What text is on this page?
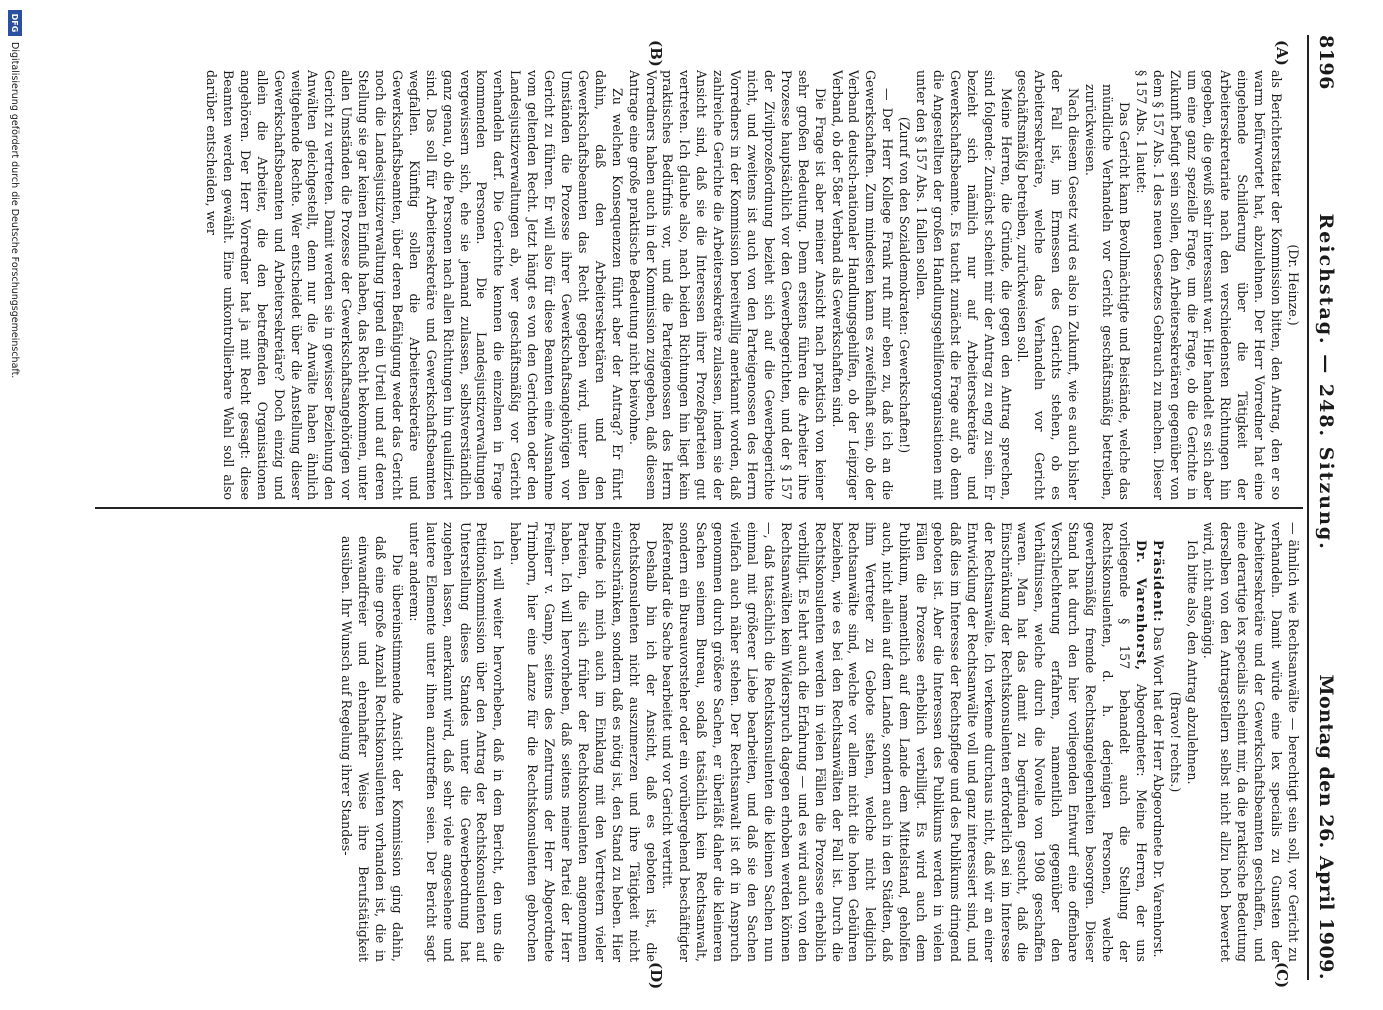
8196
Reichstag. — 248. Sitzung.
Montag den 26. April 1909.
(A)
(B)
(C)
(D)

(Dr. Heinze.)

als Berichterstatter der Kommission bitten, den Antrag, den er so warm befürwortet hat, abzulehnen. Der Herr Vorredner hat eine eingehende Schilderung über die Tätigkeit der Arbeitersekretariate nach den verschiedensten Richtungen hin gegeben, die gewiß sehr interessant war. Hier handelt es sich aber um eine ganz spezielle Frage, um die Frage, ob die Gerichte in Zukunft befugt sein sollen, den Arbeitersekretären gegenüber von dem § 157 Abs. 1 des neuen Gesetzes Gebrauch zu machen. Dieser § 157 Abs. 1 lautet:

Das Gericht kann Bevollmächtigte und Beistände, welche das mündliche Verhandeln vor Gericht geschäftsmäßig betreiben, zurückweisen.

Nach diesem Gesetz wird es also in Zukunft, wie es auch bisher der Fall ist, im Ermessen des Gerichts stehen, ob es Arbeitersekretäre, welche das Verhandeln vor Gericht geschäftsmäßig betreiben, zurückweisen soll.

Meine Herren, die Gründe, die gegen den Antrag sprechen, sind folgende: Zunächst scheint mir der Antrag zu eng zu sein. Er bezieht sich nämlich nur auf Arbeitersekretäre und Gewerkschaftsbeamte. Es taucht zunächst die Frage auf, ob denn die Angestellten der großen Handlungsgehilfenorganisationen mit unter den § 157 Abs. 1 fallen sollen.

(Zuruf von den Sozialdemokraten: Gewerkschaften!)

— Der Herr Kollege Frank ruft mir eben zu, daß ich an die Gewerkschaften. Zum mindesten kann es zweifelhaft sein, ob der Verband deutsch-nationaler Handlungsgehilfen, ob der Leipziger Verband, ob der 58er Verband als Gewerkschaften sind.

Die Frage ist aber meiner Ansicht nach praktisch von keiner sehr großen Bedeutung. Denn erstens führen die Arbeiter ihre Prozesse hauptsächlich vor den Gewerbegerichten, und der § 157 der Zivilprozeßordnung bezieht sich auf die Gewerbegerichte nicht, und zweitens ist auch von den Parteigenossen des Herrn Vorredners in der Kommission bereitwillig anerkannt worden, daß zahlreiche Gerichte die Arbeitersekretäre zulassen, indem sie der Ansicht sind, daß sie die Interessen ihrer Prozeßparteien gut vertreten. Ich glaube also, nach beiden Richtungen hin liegt kein praktisches Bedürfnis vor, und die Parteigenossen des Herrn Vorredners haben auch in der Kommission zugegeben, daß diesem Antrage eine große praktische Bedeutung nicht beiwohne.

Zu welchen Konsequenzen führt aber der Antrag? Er führt dahin, daß den Arbeitersekretären und den Gewerkschaftsbeamten das Recht gegeben wird, unter allen Umständen die Prozesse ihrer Gewerkschaftsangehörigen vor Gericht zu führen. Er will also für diese Beamten eine Ausnahme vom geltenden Recht. Jetzt hängt es von den Gerichten oder den Landesjustizverwaltungen ab, wer geschäftsmäßig vor Gericht verhandeln darf. Die Gerichte kennen die einzelnen in Frage kommenden Personen. Die Landesjustizverwaltungen vergewissern sich, ehe sie jemand zulassen, selbstverständlich ganz genau, ob die Personen nach allen Richtungen hin qualifiziert sind. Das soll für Arbeitersekretäre und Gewerkschaftsbeamten wegfallen. Künftig sollen die Arbeitersekretäre und Gewerkschaftsbeamten, über deren Befähigung weder das Gericht noch die Landesjustizverwaltung irgend ein Urteil und auf deren Stellung sie gar keinen Einfluß haben, das Recht bekommen, unter allen Umständen die Prozesse der Gewerkschaftsangehörigen vor Gericht zu vertreten. Damit werden sie in gewisser Beziehung den Anwälten gleichgestellt, denn nur die Anwälte haben ähnlich weitgehende Rechte. Wer entscheidet über die Anstellung dieser Gewerkschaftsbeamten und Arbeitersekretäre? Doch einzig und allein die Arbeiter, die den betreffenden Organisationen angehören. Der Herr Vorredner hat ja mit Recht gesagt: diese Beamten werden gewählt. Eine unkontrollierbare Wahl soll also darüber entscheiden, wer

— ähnlich wie Rechtsanwälte — berechtigt sein soll, vor Gericht zu verhandeln. Damit würde eine lex specialis zu Gunsten der Arbeitersekretäre und der Gewerkschaftsbeamten geschaffen, und eine derartige lex specialis scheint mir, da die praktische Bedeutung derselben von den Antragstellern selbst nicht allzu hoch bewertet wird, nicht angängig.

Ich bitte also, den Antrag abzulehnen.

(Bravo! rechts.)

Präsident: Das Wort hat der Herr Abgeordnete Dr. Varenhorst.

Dr. Varenhorst, Abgeordneter: Meine Herren, der uns vorliegende § 157 behandelt auch die Stellung der Rechtskonsulenten, d. h. derjenigen Personen, welche gewerbsmäßig fremde Rechtsangelegenheiten besorgen. Dieser Stand hat durch den hier vorliegenden Entwurf eine offenbare Verschlechterung erfahren, namentlich gegenüber den Verhältnissen, welche durch die Novelle von 1908 geschaffen waren. Man hat das damit zu begründen gesucht, daß die Einschränkung der Rechtskonsulenten erforderlich sei im Interesse der Rechtsanwälte. Ich verkenne durchaus nicht, daß wir an einer Entwicklung der Rechtsanwälte voll und ganz interessiert sind, und daß dies im Interesse der Rechtspflege und des Publikums dringend geboten ist. Aber die Interessen des Publikums werden in vielen Fällen die Prozesse erheblich verbilligt. Es wird auch dem Publikum, namentlich auf dem Lande dem Mittelstand, geholfen auch, nicht allein auf dem Lande, sondern auch in den Städten, daß ihm Vertreter zu Gebote stehen, welche nicht lediglich Rechtsanwälte sind, welche vor allem nicht die hohen Gebühren beziehen, wie es bei den Rechtsanwälten der Fall ist. Durch die Rechtskonsulenten werden in vielen Fällen die Prozesse erheblich verbilligt. Es lehrt auch die Erfahrung — und es wird auch von den Rechtsanwälten kein Widerspruch dagegen erhoben werden können —, daß tatsächlich die Rechtskonsulenten die kleinen Sachen nun einmal mit größerer Liebe bearbeiten, und daß sie den Sachen vielfach auch näher stehen. Der Rechtsanwalt ist oft in Anspruch genommen durch größere Sachen, er überläßt daher die kleineren Sachen seinem Bureau, sodaß tatsächlich kein Rechtsanwalt, sondern ein Bureauvorsteher oder ein vorübergehend beschäftigter Referendar die Sache bearbeitet und vor Gericht vertritt.

Deshalb bin ich der Ansicht, daß es geboten ist, die Rechtskonsulenten nicht auszumerzen und ihre Tätigkeit nicht einzuschränken, sondern daß es nötig ist, den Stand zu heben. Hier befinde ich mich auch im Einklang mit den Vertretern vieler Parteien, die sich früher der Rechtskonsulenten angenommen haben. Ich will hervorheben, daß seitens meiner Partei der Herr Freiherr v. Gamp, seitens des Zentrums der Herr Abgeordnete Trimborn, hier eine Lanze für die Rechtskonsulenten gebrochen haben.

Ich will weiter hervorheben, daß in dem Bericht, den uns die Petitionskommission über den Antrag der Rechtskonsulenten auf Unterstellung dieses Standes unter die Gewerbeordnung hat zugehen lassen, anerkannt wird, daß sehr viele angesehene und lautere Elemente unter ihnen anzutreffen seien. Der Bericht sagt unter anderem:

Die übereinstimmende Ansicht der Kommission ging dahin, daß eine große Anzahl Rechtskonsulenten vorhanden ist, die in einwandfreier und ehrenhafter Weise ihre Berufstätigkeit ausüben. Ihr Wunsch auf Regelung ihrer Standes-

DFG
Digitalisierung gefördert durch die Deutsche Forschungsgemeinschaft.
